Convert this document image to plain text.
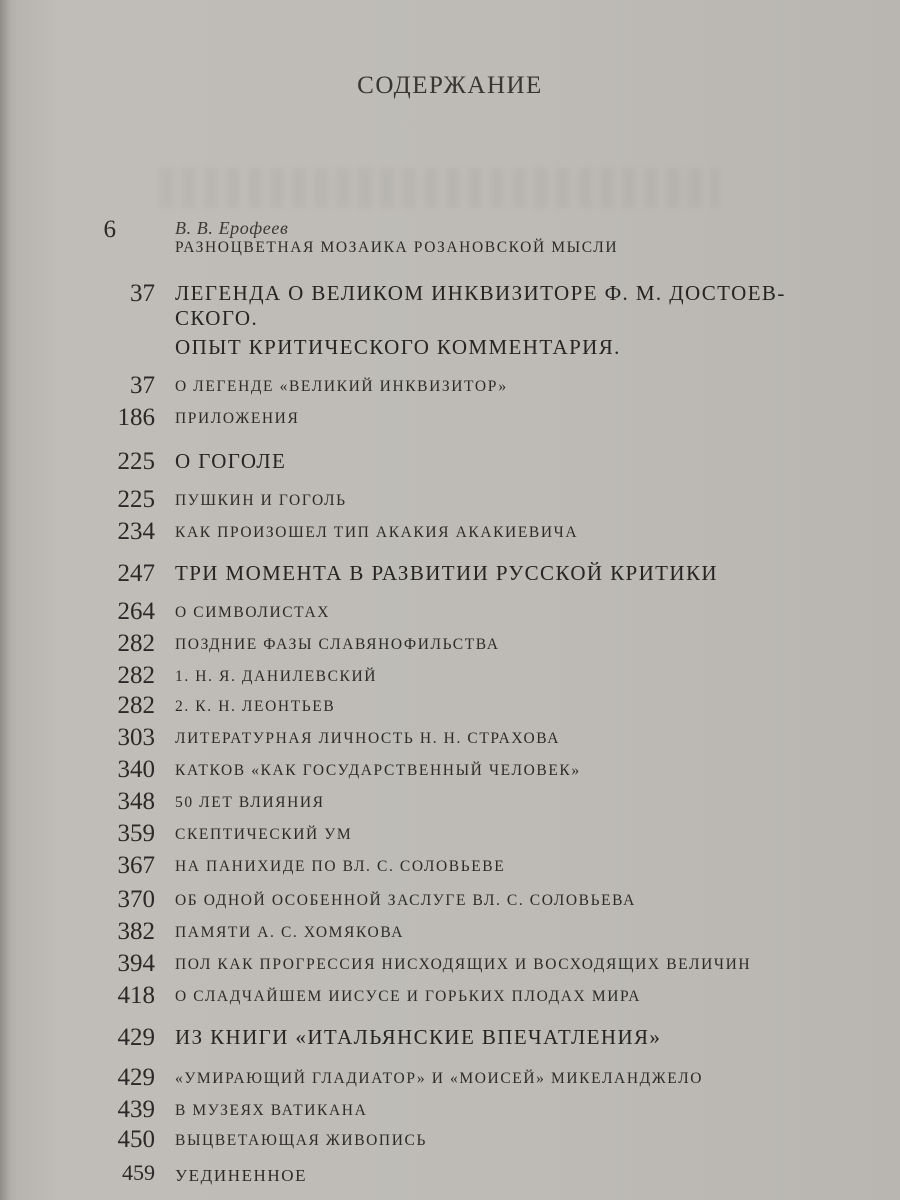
СОДЕРЖАНИЕ
6	В. В. Ерофеев
РАЗНОЦВЕТНАЯ МОЗАИКА РОЗАНОВСКОЙ МЫСЛИ
37 ЛЕГЕНДА О ВЕЛИКОМ ИНКВИЗИТОРЕ Ф. М. ДОСТОЕВ-
СКОГО.
ОПЫТ КРИТИЧЕСКОГО КОММЕНТАРИЯ.
37 О ЛЕГЕНДЕ «ВЕЛИКИЙ ИНКВИЗИТОР»
186 ПРИЛОЖЕНИЯ
225 О ГОГОЛЕ
225 ПУШКИН И ГОГОЛЬ
234 КАК ПРОИЗОШЕЛ ТИП АКАКИЯ АКАКИЕВИЧА
247 ТРИ МОМЕНТА В РАЗВИТИИ РУССКОЙ КРИТИКИ
264 О СИМВОЛИСТАХ
282 ПОЗДНИЕ ФАЗЫ СЛАВЯНОФИЛЬСТВА
282 1. Н. Я. ДАНИЛЕВСКИЙ
282 2. К. Н. ЛЕОНТЬЕВ
303 ЛИТЕРАТУРНАЯ ЛИЧНОСТЬ Н. Н. СТРАХОВА
340 КАТКОВ «КАК ГОСУДАРСТВЕННЫЙ ЧЕЛОВЕК»
348 50 ЛЕТ ВЛИЯНИЯ
359 СКЕПТИЧЕСКИЙ УМ
367 НА ПАНИХИДЕ ПО ВЛ. С. СОЛОВЬЕВЕ
370 ОБ ОДНОЙ ОСОБЕННОЙ ЗАСЛУГЕ ВЛ. С. СОЛОВЬЕВА
382 ПАМЯТИ А. С. ХОМЯКОВА
394 ПОЛ КАК ПРОГРЕССИЯ НИСХОДЯЩИХ И ВОСХОДЯЩИХ ВЕЛИЧИН
418 О СЛАДЧАЙШЕМ ИИСУСЕ И ГОРЬКИХ ПЛОДАХ МИРА
429 ИЗ КНИГИ «ИТАЛЬЯНСКИЕ ВПЕЧАТЛЕНИЯ»
429 «УМИРАЮЩИЙ ГЛАДИАТОР» И «МОИСЕЙ» МИКЕЛАНДЖЕЛО
439 В МУЗЕЯХ ВАТИКАНА
450 ВЫЦВЕТАЮЩАЯ ЖИВОПИСЬ
459 УЕДИНЕННОЕ
